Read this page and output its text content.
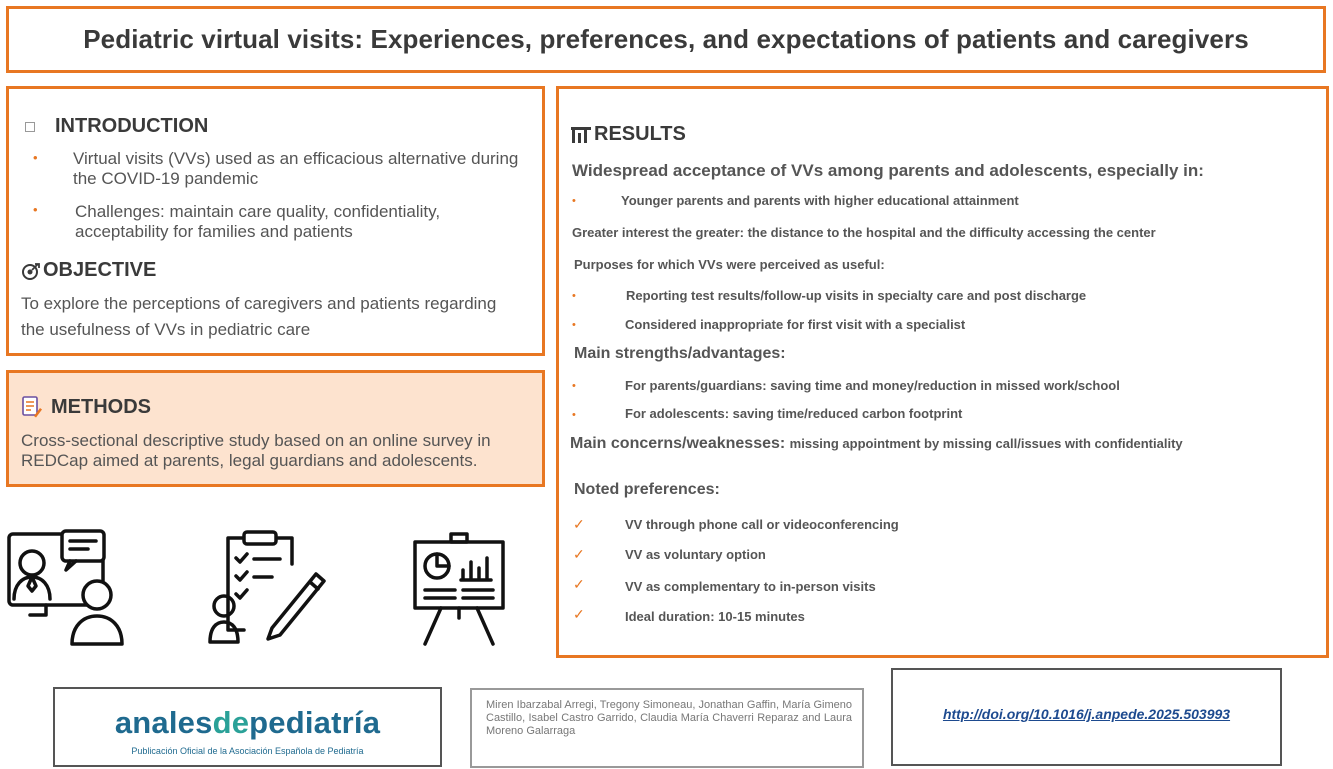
Pediatric virtual visits: Experiences, preferences, and expectations of patients and caregivers
INTRODUCTION
• Virtual visits (VVs) used as an efficacious alternative during the COVID-19 pandemic
• Challenges: maintain care quality, confidentiality, acceptability for families and patients
OBJECTIVE
To explore the perceptions of caregivers and patients regarding the usefulness of VVs in pediatric care
METHODS
Cross-sectional descriptive study based on an online survey in REDCap aimed at parents, legal guardians and adolescents.
RESULTS
Widespread acceptance of VVs among parents and adolescents, especially in:
•	Younger parents and parents with higher educational attainment
Greater interest the greater: the distance to the hospital and the difficulty accessing the center
Purposes for which VVs were perceived as useful:
•	Reporting test results/follow-up visits in specialty care and post discharge
•	Considered inappropriate for first visit with a specialist
Main strengths/advantages:
•	For parents/guardians: saving time and money/reduction in missed work/school
•	For adolescents: saving time/reduced carbon footprint
Main concerns/weaknesses: missing appointment by missing call/issues with confidentiality
Noted preferences:
✓	VV through phone call or videoconferencing
✓	VV as voluntary option
✓	VV as complementary to in-person visits
✓	Ideal duration: 10-15 minutes
analesdepediatría
Publicación Oficial de la Asociación Española de Pediatría
Miren Ibarzabal Arregi, Tregony Simoneau, Jonathan Gaffin, María Gimeno Castillo, Isabel Castro Garrido, Claudia María Chaverri Reparaz and Laura Moreno Galarraga
http://doi.org/10.1016/j.anpede.2025.503993
